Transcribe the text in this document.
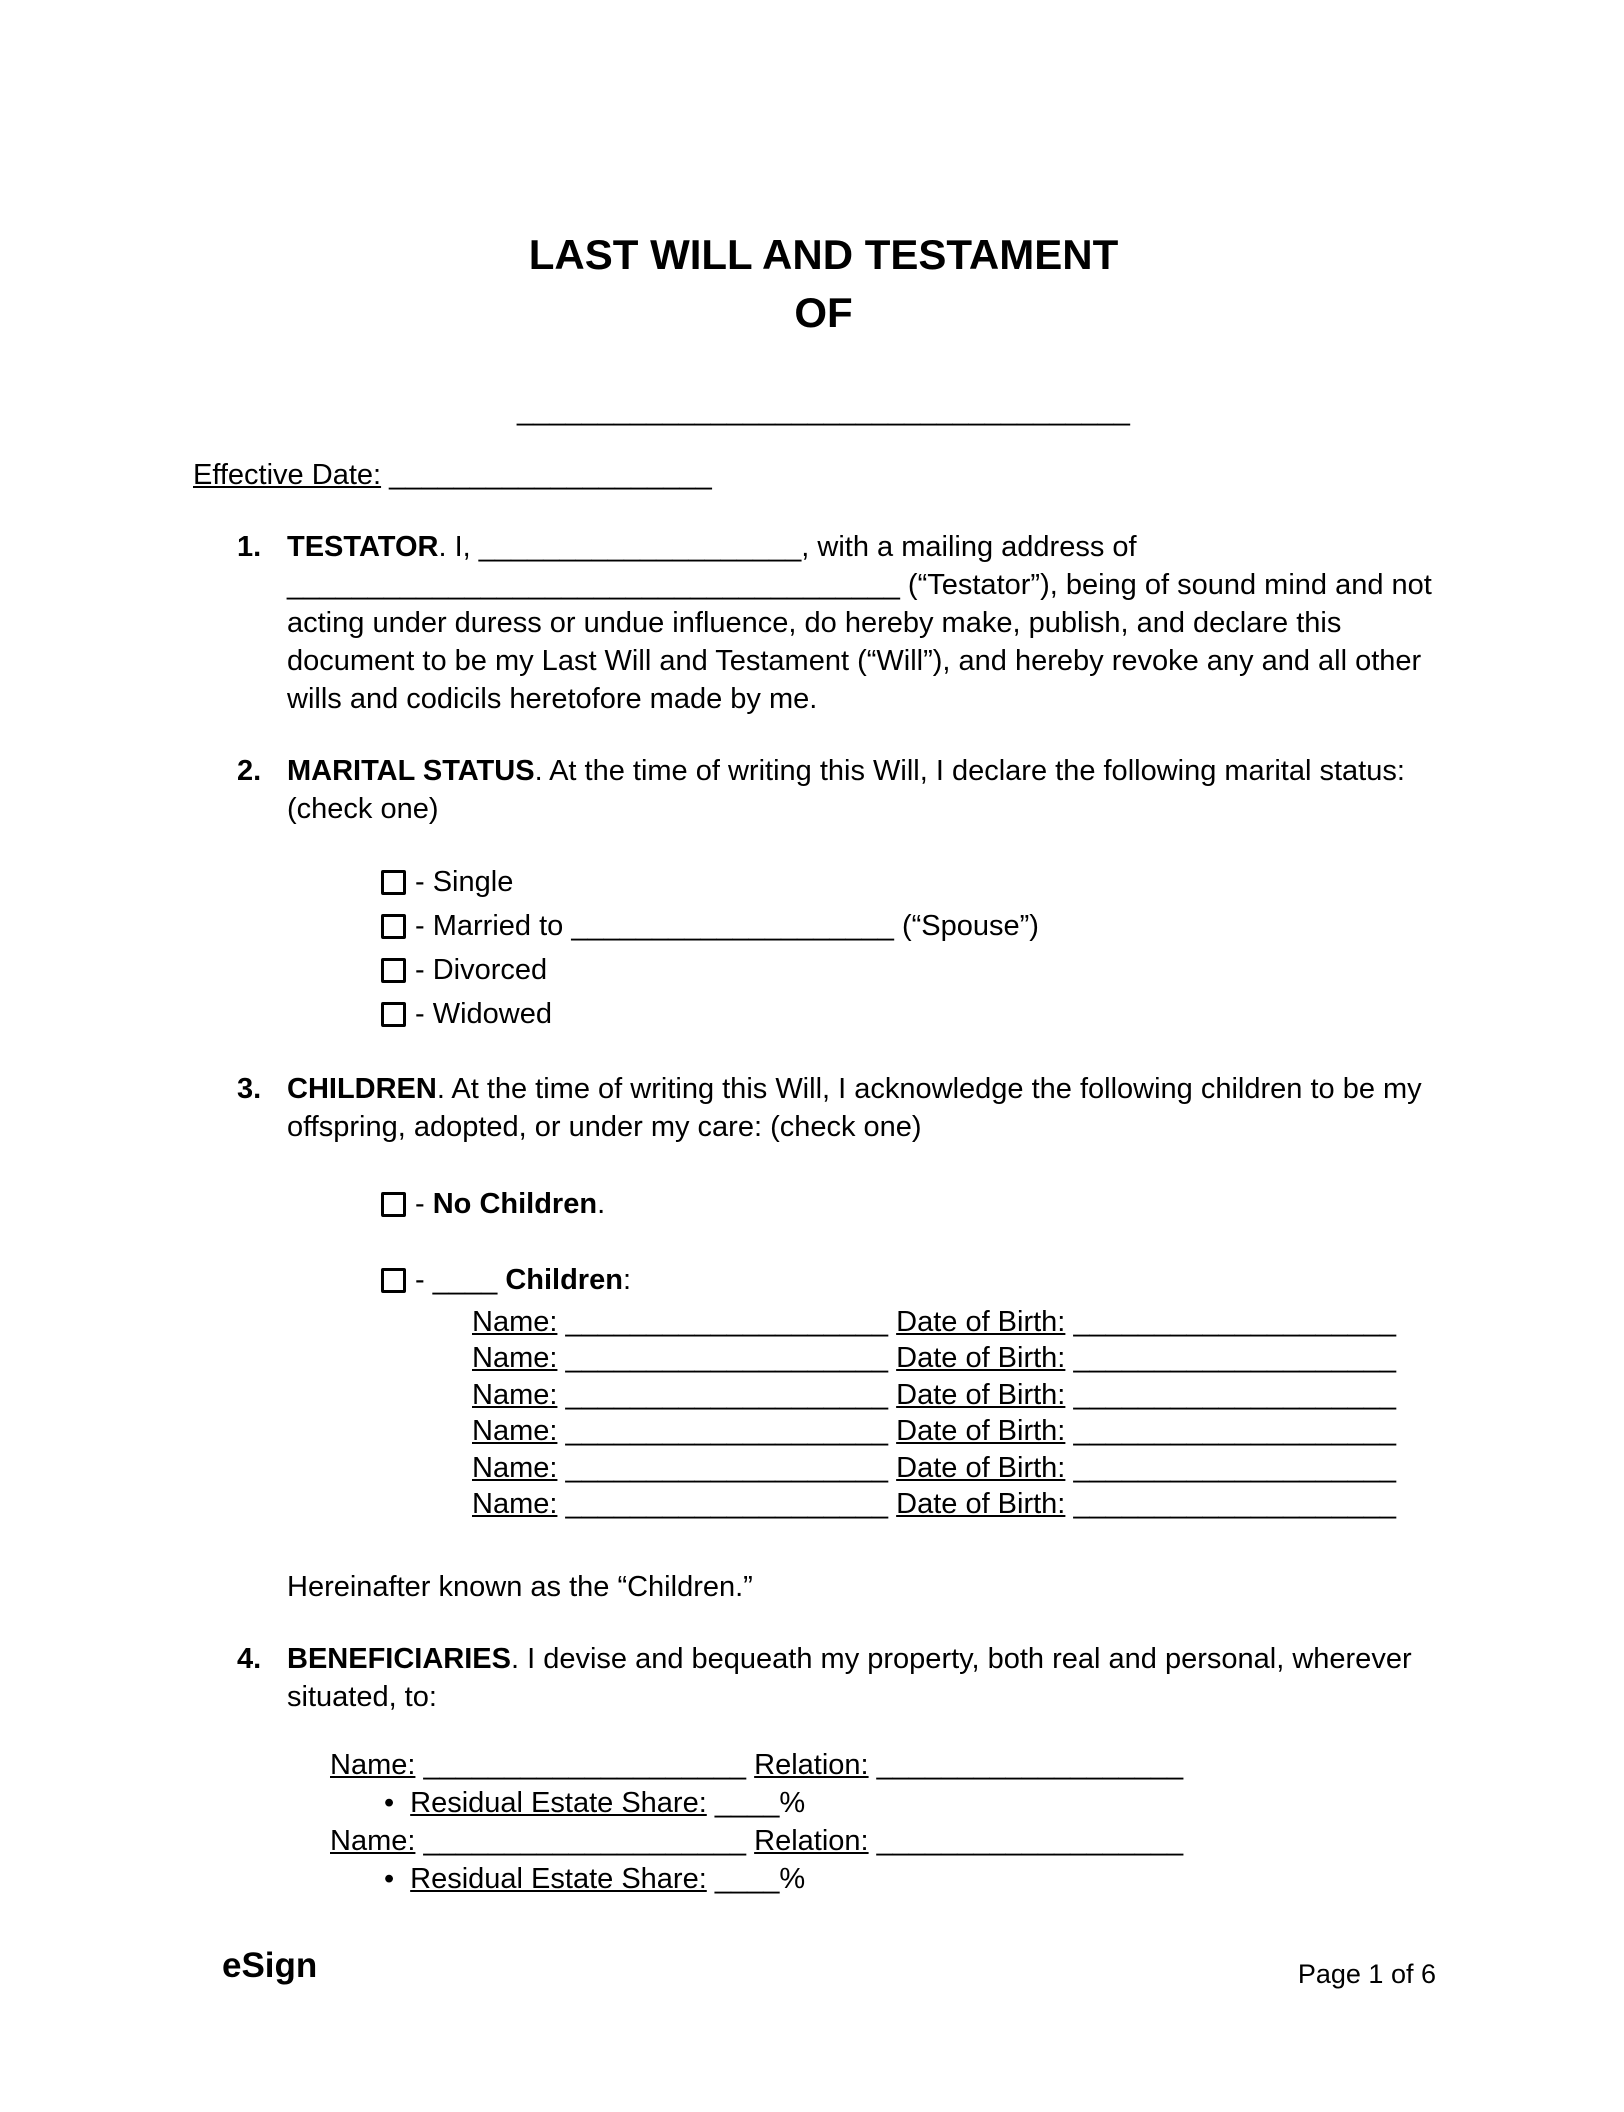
LAST WILL AND TESTAMENT
OF
______________________________________
Effective Date: ____________________
1. TESTATOR. I, ____________________, with a mailing address of ______________________________________ (“Testator”), being of sound mind and not acting under duress or undue influence, do hereby make, publish, and declare this document to be my Last Will and Testament (“Will”), and hereby revoke any and all other wills and codicils heretofore made by me.
2. MARITAL STATUS. At the time of writing this Will, I declare the following marital status: (check one)
- Single
- Married to ____________________ (“Spouse”)
- Divorced
- Widowed
3. CHILDREN. At the time of writing this Will, I acknowledge the following children to be my offspring, adopted, or under my care: (check one)
- No Children.
- ____ Children:
Name: ____________________ Date of Birth: ____________________
Name: ____________________ Date of Birth: ____________________
Name: ____________________ Date of Birth: ____________________
Name: ____________________ Date of Birth: ____________________
Name: ____________________ Date of Birth: ____________________
Name: ____________________ Date of Birth: ____________________
Hereinafter known as the “Children.”
4. BENEFICIARIES. I devise and bequeath my property, both real and personal, wherever situated, to:
Name: ____________________ Relation: ___________________
• Residual Estate Share: ____%
Name: ____________________ Relation: ___________________
• Residual Estate Share: ____%
eSign	Page 1 of 6
